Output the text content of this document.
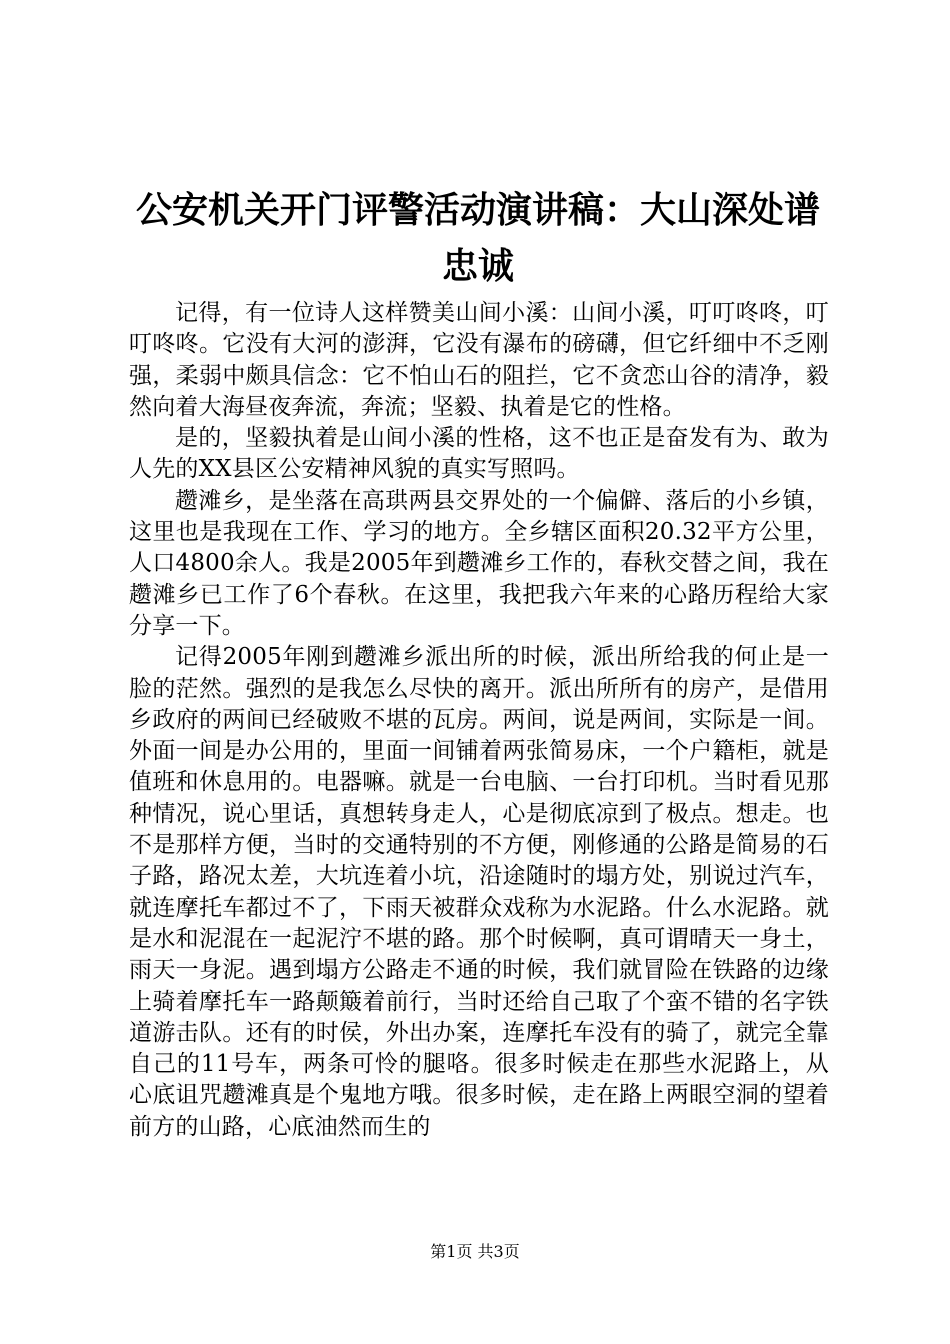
公安机关开门评警活动演讲稿：大山深处谱忠诚

记得，有一位诗人这样赞美山间小溪：山间小溪，叮叮咚咚，叮叮咚咚。它没有大河的澎湃，它没有瀑布的磅礴，但它纤细中不乏刚强，柔弱中颇具信念：它不怕山石的阻拦，它不贪恋山谷的清净，毅然向着大海昼夜奔流，奔流；坚毅、执着是它的性格。

是的，坚毅执着是山间小溪的性格，这不也正是奋发有为、敢为人先的XX县区公安精神风貌的真实写照吗。

趱滩乡，是坐落在高珙两县交界处的一个偏僻、落后的小乡镇，这里也是我现在工作、学习的地方。全乡辖区面积20.32平方公里，人口4800余人。我是2005年到趱滩乡工作的，春秋交替之间，我在趱滩乡已工作了6个春秋。在这里，我把我六年来的心路历程给大家分享一下。

记得2005年刚到趱滩乡派出所的时候，派出所给我的何止是一脸的茫然。强烈的是我怎么尽快的离开。派出所所有的房产，是借用乡政府的两间已经破败不堪的瓦房。两间，说是两间，实际是一间。外面一间是办公用的，里面一间铺着两张简易床，一个户籍柜，就是值班和休息用的。电器嘛。就是一台电脑、一台打印机。当时看见那种情况，说心里话，真想转身走人，心是彻底凉到了极点。想走。也不是那样方便，当时的交通特别的不方便，刚修通的公路是简易的石子路，路况太差，大坑连着小坑，沿途随时的塌方处，别说过汽车，就连摩托车都过不了，下雨天被群众戏称为水泥路。什么水泥路。就是水和泥混在一起泥泞不堪的路。那个时候啊，真可谓晴天一身土，雨天一身泥。遇到塌方公路走不通的时候，我们就冒险在铁路的边缘上骑着摩托车一路颠簸着前行，当时还给自己取了个蛮不错的名字铁道游击队。还有的时侯，外出办案，连摩托车没有的骑了，就完全靠自己的11号车，两条可怜的腿咯。很多时候走在那些水泥路上，从心底诅咒趱滩真是个鬼地方哦。很多时候，走在路上两眼空洞的望着前方的山路，心底油然而生的

第1页 共3页
